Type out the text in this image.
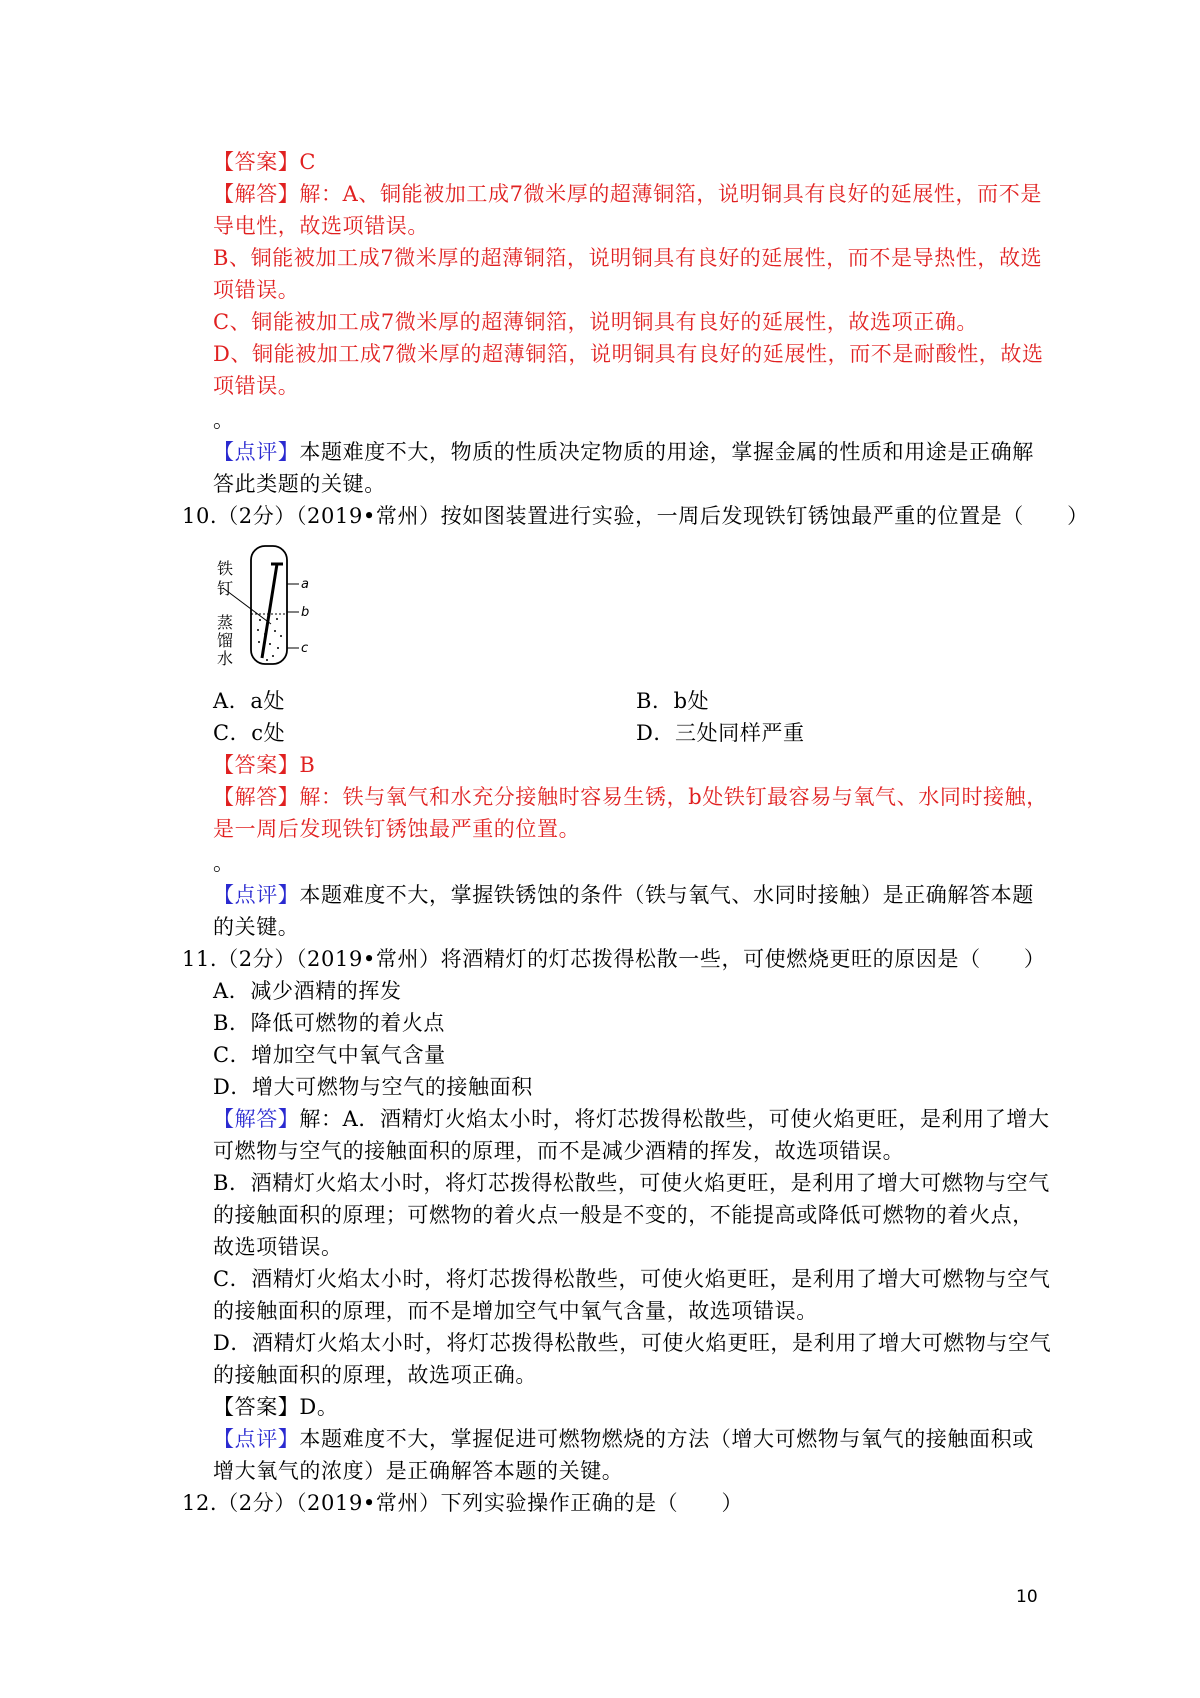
【答案】C
【解答】解：A、铜能被加工成7微米厚的超薄铜箔，说明铜具有良好的延展性，而不是
导电性，故选项错误。
B、铜能被加工成7微米厚的超薄铜箔，说明铜具有良好的延展性，而不是导热性，故选
项错误。
C、铜能被加工成7微米厚的超薄铜箔，说明铜具有良好的延展性，故选项正确。
D、铜能被加工成7微米厚的超薄铜箔，说明铜具有良好的延展性，而不是耐酸性，故选
项错误。
。
【点评】本题难度不大，物质的性质决定物质的用途，掌握金属的性质和用途是正确解
答此类题的关键。
10.（2分）（2019•常州）按如图装置进行实验，一周后发现铁钉锈蚀最严重的位置是（　　）
a
b
c
铁
钉
蒸
馏
水
A．a处	B．b处
C．c处	D．三处同样严重
【答案】B
【解答】解：铁与氧气和水充分接触时容易生锈，b处铁钉最容易与氧气、水同时接触，
是一周后发现铁钉锈蚀最严重的位置。
。
【点评】本题难度不大，掌握铁锈蚀的条件（铁与氧气、水同时接触）是正确解答本题
的关键。
11.（2分）（2019•常州）将酒精灯的灯芯拨得松散一些，可使燃烧更旺的原因是（　　）
A．减少酒精的挥发
B．降低可燃物的着火点
C．增加空气中氧气含量
D．增大可燃物与空气的接触面积
【解答】解：A．酒精灯火焰太小时，将灯芯拨得松散些，可使火焰更旺，是利用了增大
可燃物与空气的接触面积的原理，而不是减少酒精的挥发，故选项错误。
B．酒精灯火焰太小时，将灯芯拨得松散些，可使火焰更旺，是利用了增大可燃物与空气
的接触面积的原理；可燃物的着火点一般是不变的，不能提高或降低可燃物的着火点，
故选项错误。
C．酒精灯火焰太小时，将灯芯拨得松散些，可使火焰更旺，是利用了增大可燃物与空气
的接触面积的原理，而不是增加空气中氧气含量，故选项错误。
D．酒精灯火焰太小时，将灯芯拨得松散些，可使火焰更旺，是利用了增大可燃物与空气
的接触面积的原理，故选项正确。
【答案】D。
【点评】本题难度不大，掌握促进可燃物燃烧的方法（增大可燃物与氧气的接触面积或
增大氧气的浓度）是正确解答本题的关键。
12.（2分）（2019•常州）下列实验操作正确的是（　　）
10
